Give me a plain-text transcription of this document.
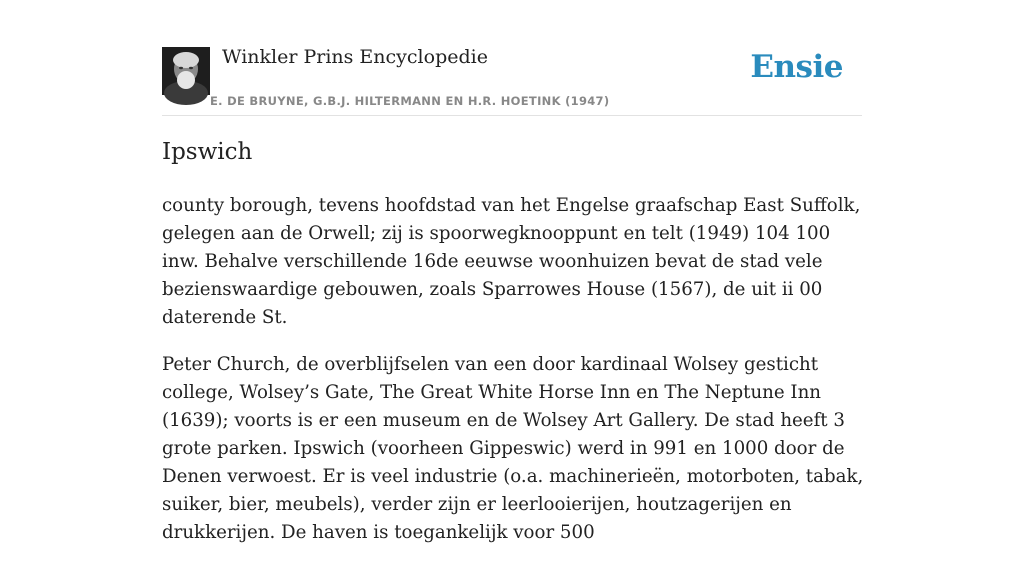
Winkler Prins Encyclopedie
E. DE BRUYNE, G.B.J. HILTERMANN EN H.R. HOETINK (1947)
Ensie
Ipswich

county borough, tevens hoofdstad van het Engelse graafschap East Suffolk, gelegen aan de Orwell; zij is spoorwegknooppunt en telt (1949) 104 100 inw. Behalve verschillende 16de eeuwse woonhuizen bevat de stad vele bezienswaardige gebouwen, zoals Sparrowes House (1567), de uit ii 00 daterende St.

Peter Church, de overblijfselen van een door kardinaal Wolsey gesticht college, Wolsey’s Gate, The Great White Horse Inn en The Neptune Inn (1639); voorts is er een museum en de Wolsey Art Gallery. De stad heeft 3 grote parken. Ipswich (voorheen Gippeswic) werd in 991 en 1000 door de Denen verwoest. Er is veel industrie (o.a. machinerieën, motorboten, tabak, suiker, bier, meubels), verder zijn er leerlooierijen, houtzagerijen en drukkerijen. De haven is toegankelijk voor 500
